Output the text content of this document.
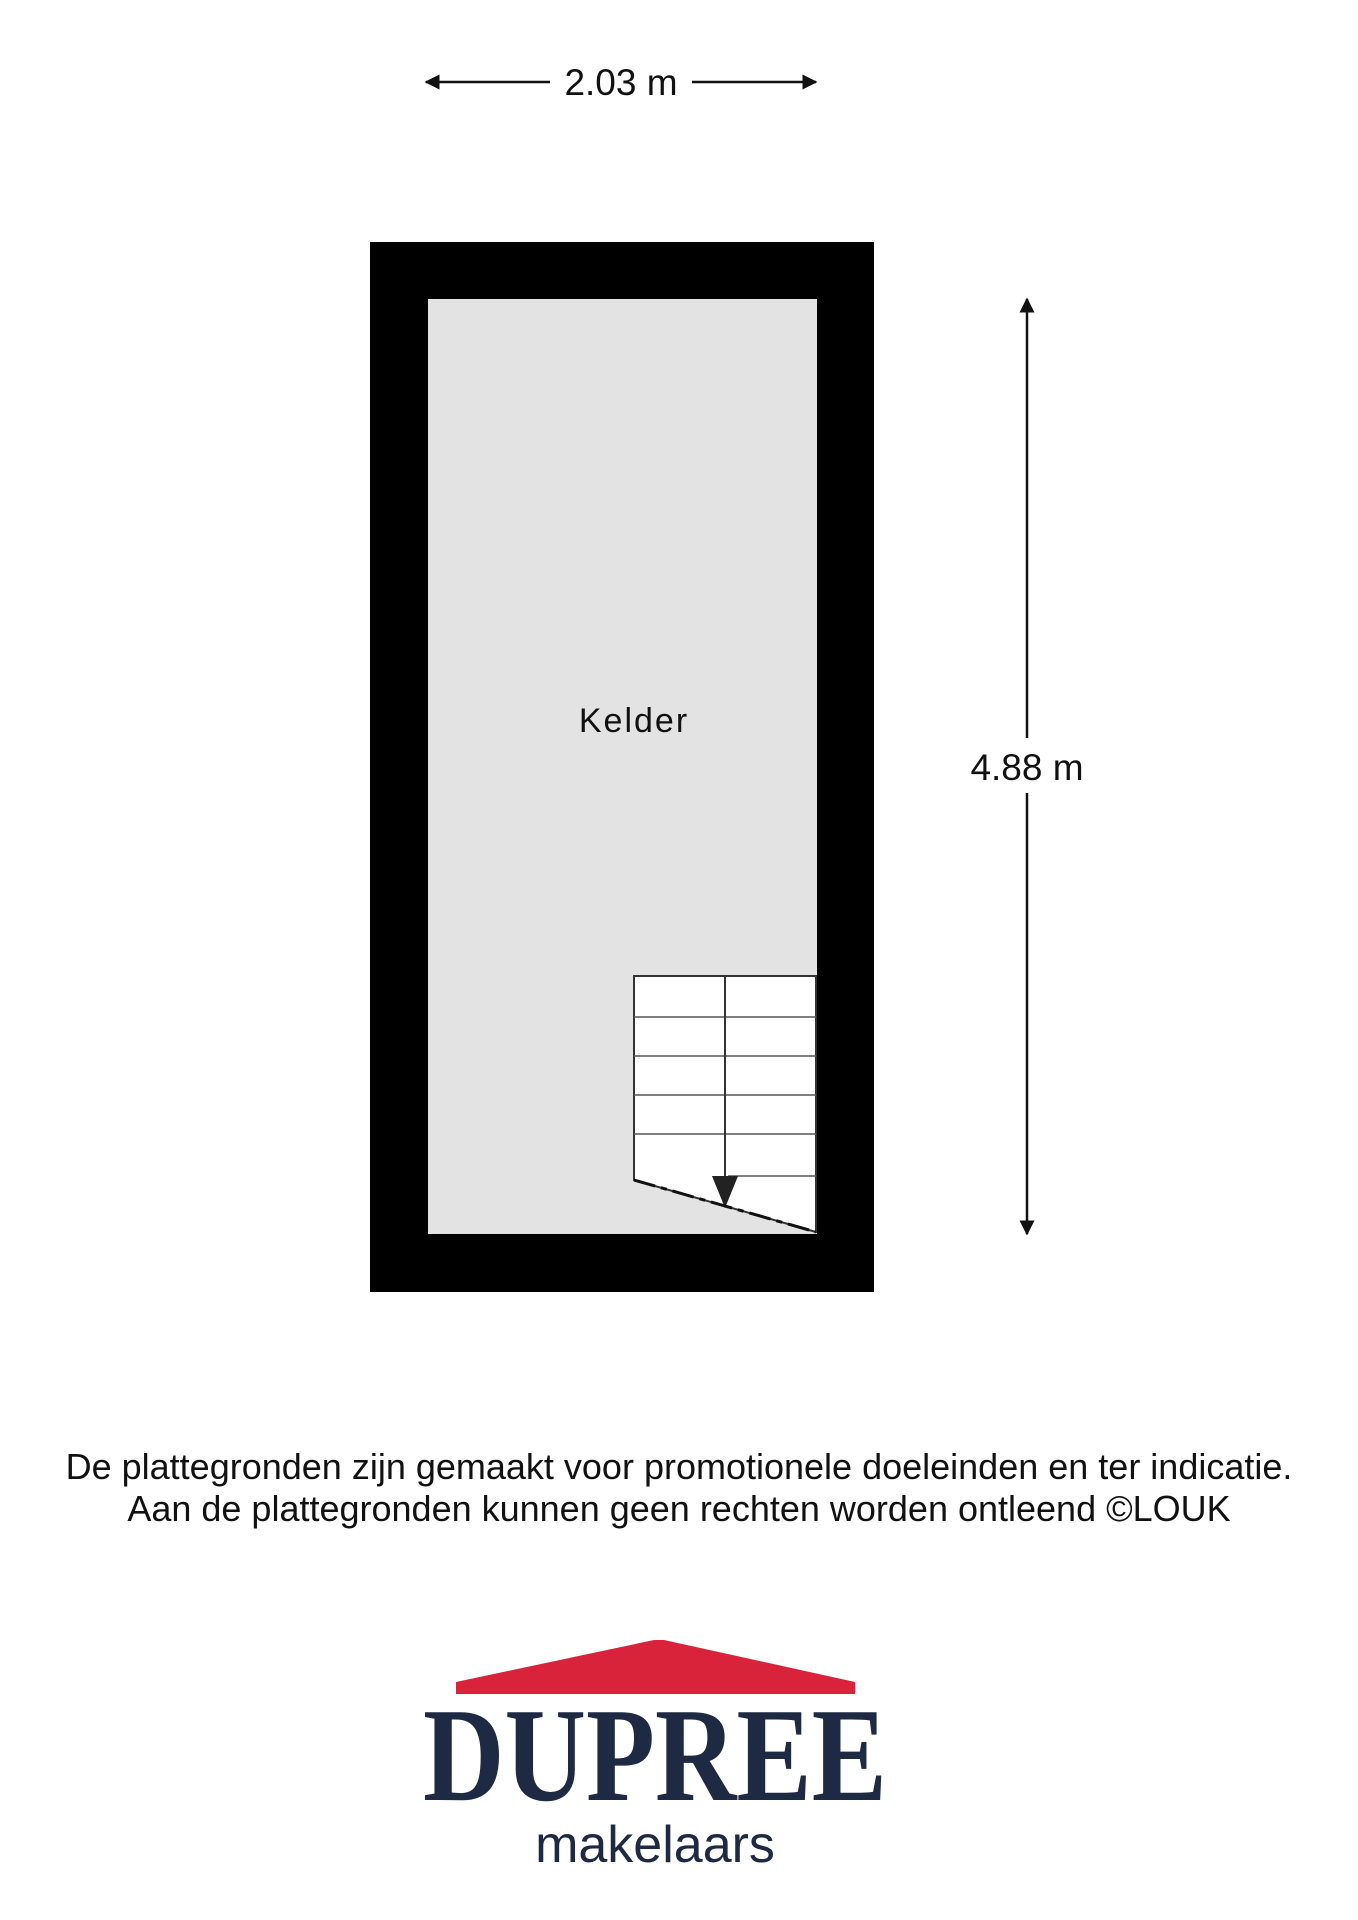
2.03 m
Kelder
4.88 m
DUPREE
makelaars
De plattegronden zijn gemaakt voor promotionele doeleinden en ter indicatie.
Aan de plattegronden kunnen geen rechten worden ontleend ©LOUK
